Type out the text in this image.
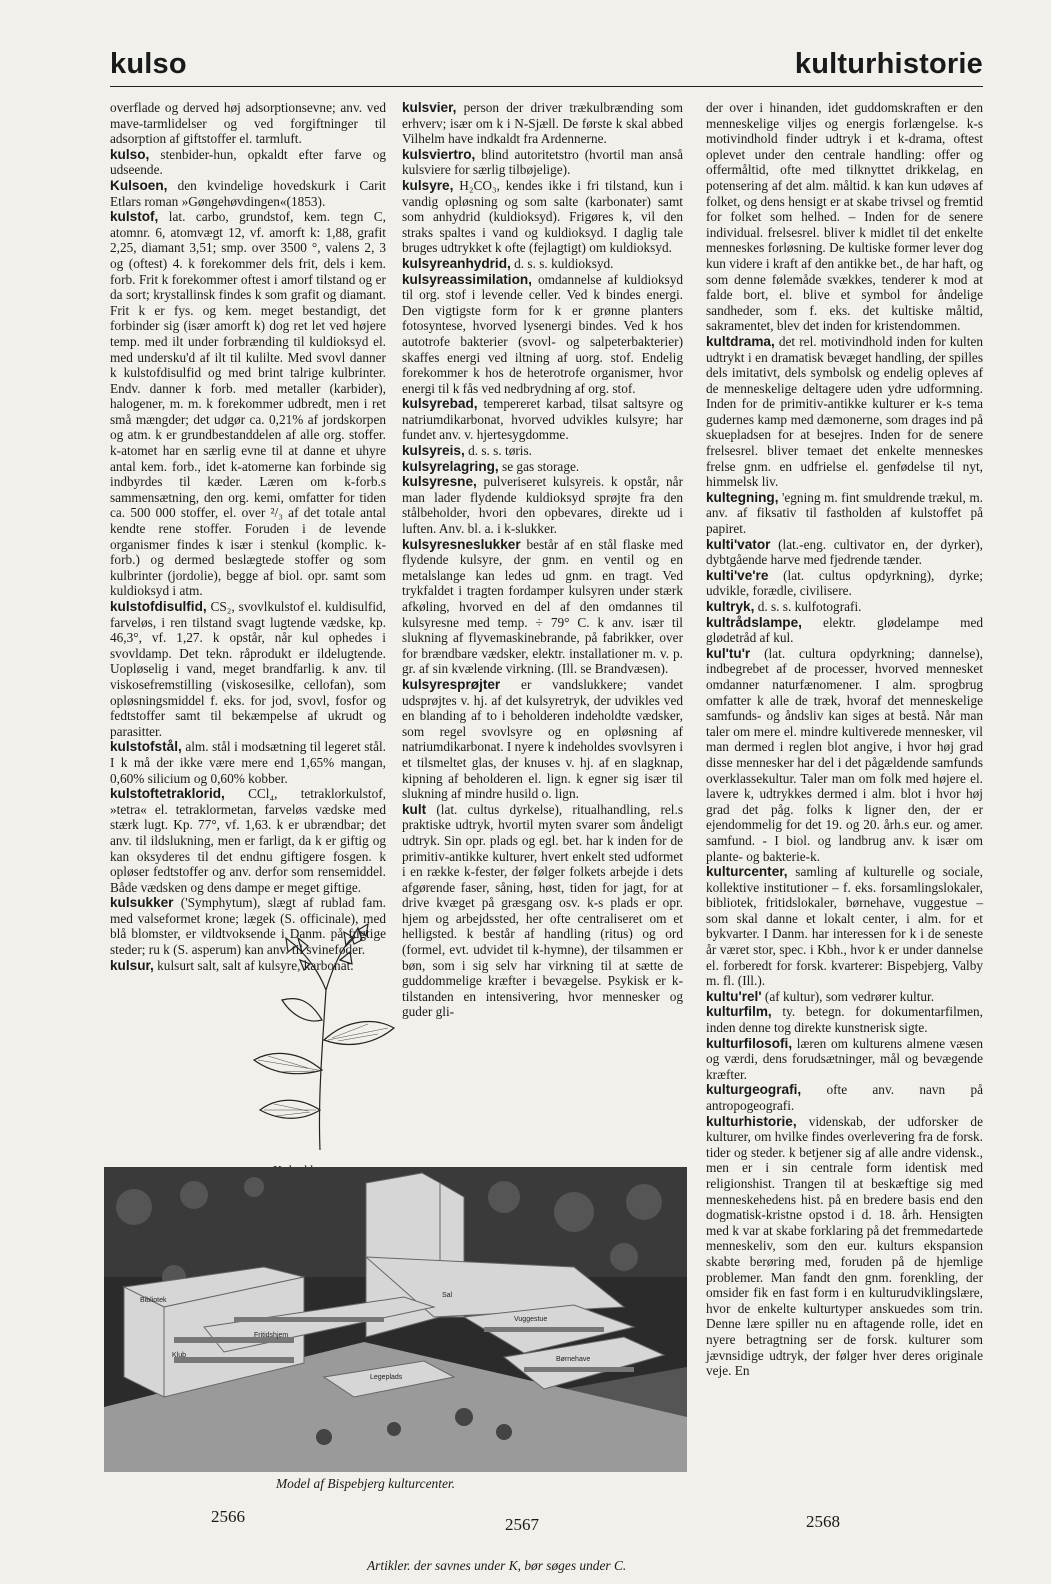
kulso	kulturhistorie

overflade og derved høj adsorptionsevne; anv. ved mave-tarmlidelser og ved forgiftninger til adsorption af giftstoffer el. tarmluft.

kulso, stenbider-hun, opkaldt efter farve og udseende.

Kulsoen, den kvindelige hovedskurk i Carit Etlars roman »Gøngehøvdingen«(1853).

kulstof, lat. carbo, grundstof, kem. tegn C, atomnr. 6, atomvægt 12, vf. amorft k: 1,88, grafit 2,25, diamant 3,51; smp. over 3500 °, valens 2, 3 og (oftest) 4. k forekommer dels frit, dels i kem. forb. Frit k forekommer oftest i amorf tilstand og er da sort; krystallinsk findes k som grafit og diamant. Frit k er fys. og kem. meget bestandigt, det forbinder sig (især amorft k) dog ret let ved højere temp. med ilt under forbrænding til kuldioksyd el. med undersku'd af ilt til kulilte. Med svovl danner k kulstofdisulfid og med brint talrige kulbrinter. Endv. danner k forb. med metaller (karbider), halogener, m. m. k forekommer udbredt, men i ret små mængder; det udgør ca. 0,21% af jordskorpen og atm. k er grundbestanddelen af alle org. stoffer. k-atomet har en særlig evne til at danne et uhyre antal kem. forb., idet k-atomerne kan forbinde sig indbyrdes til kæder. Læren om k-forb.s sammensætning, den org. kemi, omfatter for tiden ca. 500 000 stoffer, el. over ²/₃ af det totale antal kendte rene stoffer. Foruden i de levende organismer findes k især i stenkul (komplic. k-forb.) og dermed beslægtede stoffer og som kulbrinter (jordolie), begge af biol. opr. samt som kuldioksyd i atm.

kulstofdisulfid, CS₂, svovlkulstof el. kuldisulfid, farveløs, i ren tilstand svagt lugtende vædske, kp. 46,3°, vf. 1,27. k opstår, når kul ophedes i svovldamp. Det tekn. råprodukt er ildelugtende. Uopløselig i vand, meget brandfarlig. k anv. til viskosefremstilling (viskosesilke, cellofan), som opløsningsmiddel f. eks. for jod, svovl, fosfor og fedtstoffer samt til bekæmpelse af ukrudt og parasitter.

kulstofstål, alm. stål i modsætning til legeret stål. I k må der ikke være mere end 1,65% mangan, 0,60% silicium og 0,60% kobber.

kulstoftetraklorid, CCl₄, tetraklorkulstof, »tetra« el. tetraklormetan, farveløs vædske med stærk lugt. Kp. 77°, vf. 1,63. k er ubrændbar; det anv. til ildslukning, men er farligt, da k er giftig og kan oksyderes til det endnu giftigere fosgen. k opløser fedtstoffer og anv. derfor som rensemiddel. Både vædsken og dens dampe er meget giftige.

kulsukker ('Symphytum), slægt af rublad fam. med valseformet krone; lægek (S. officinale), med blå blomster, er vildtvoksende i Danm. på fugtige steder; ru k (S. asperum) kan anv. til svinefoder.

kulsur, kulsurt salt, salt af kulsyre, karbonat.

kulsvier, person der driver trækulbrænding som erhverv; især om k i N-Sjæll. De første k skal abbed Vilhelm have indkaldt fra Ardennerne.

kulsviertro, blind autoritetstro (hvortil man anså kulsviere for særlig tilbøjelige).

kulsyre, H₂CO₃, kendes ikke i fri tilstand, kun i vandig opløsning og som salte (karbonater) samt som anhydrid (kuldioksyd). Frigøres k, vil den straks spaltes i vand og kuldioksyd. I daglig tale bruges udtrykket k ofte (fejlagtigt) om kuldioksyd.

kulsyreanhydrid, d. s. s. kuldioksyd.

kulsyreassimilation, omdannelse af kuldioksyd til org. stof i levende celler. Ved k bindes energi. Den vigtigste form for k er grønne planters fotosyntese, hvorved lysenergi bindes. Ved k hos autotrofe bakterier (svovl- og salpeterbakterier) skaffes energi ved iltning af uorg. stof. Endelig forekommer k hos de heterotrofe organismer, hvor energi til k fås ved nedbrydning af org. stof.

kulsyrebad, tempereret karbad, tilsat saltsyre og natriumdikarbonat, hvorved udvikles kulsyre; har fundet anv. v. hjertesygdomme.

kulsyreis, d. s. s. tøris.

kulsyrelagring, se gas storage.

kulsyresne, pulveriseret kulsyreis. k opstår, når man lader flydende kuldioksyd sprøjte fra den stålbeholder, hvori den opbevares, direkte ud i luften. Anv. bl. a. i k-slukker.

kulsyresneslukker består af en stål flaske med flydende kulsyre, der gnm. en ventil og en metalslange kan ledes ud gnm. en tragt. Ved trykfaldet i tragten fordamper kulsyren under stærk afkøling, hvorved en del af den omdannes til kulsyresne med temp. ÷ 79° C. k anv. især til slukning af flyvemaskinebrande, på fabrikker, over for brændbare vædsker, elektr. installationer m. v. p. gr. af sin kvælende virkning. (Ill. se Brandvæsen).

kulsyresprøjter er vandslukkere; vandet udsprøjtes v. hj. af det kulsyretryk, der udvikles ved en blanding af to i beholderen indeholdte vædsker, som regel svovlsyre og en opløsning af natriumdikarbonat. I nyere k indeholdes svovlsyren i et tilsmeltet glas, der knuses v. hj. af en slagknap, kipning af beholderen el. lign. k egner sig især til slukning af mindre husild o. lign.

kult (lat. cultus dyrkelse), ritualhandling, rel.s praktiske udtryk, hvortil myten svarer som åndeligt udtryk. Sin opr. plads og egl. bet. har k inden for de primitiv-antikke kulturer, hvert enkelt sted udformet i en række k-fester, der følger folkets arbejde i dets afgørende faser, såning, høst, tiden for jagt, for at drive kvæget på græsgang osv. k-s plads er opr. hjem og arbejdssted, her ofte centraliseret om et helligsted. k består af handling (ritus) og ord (formel, evt. udvidet til k-hymne), der tilsammen er bøn, som i sig selv har virkning til at sætte de guddommelige kræfter i bevægelse. Psykisk er k-tilstanden en intensivering, hvor mennesker og guder gli-

der over i hinanden, idet guddomskraften er den menneskelige viljes og energis forlængelse. k-s motivindhold finder udtryk i et k-drama, oftest oplevet under den centrale handling: offer og offermåltid, ofte med tilknyttet drikkelag, en potensering af det alm. måltid. k kan kun udøves af folket, og dens hensigt er at skabe trivsel og fremtid for folket som helhed. – Inden for de senere individual. frelsesrel. bliver k midlet til det enkelte menneskes forløsning. De kultiske former lever dog kun videre i kraft af den antikke bet., de har haft, og som denne følemåde svækkes, tenderer k mod at falde bort, el. blive et symbol for åndelige sandheder, som f. eks. det kultiske måltid, sakramentet, blev det inden for kristendommen.

kultdrama, det rel. motivindhold inden for kulten udtrykt i en dramatisk bevæget handling, der spilles dels imitativt, dels symbolsk og endelig opleves af de menneskelige deltagere uden ydre udformning. Inden for de primitiv-antikke kulturer er k-s tema gudernes kamp med dæmonerne, som drages ind på skuepladsen for at besejres. Inden for de senere frelsesrel. bliver temaet det enkelte menneskes frelse gnm. en udfrielse el. genfødelse til nyt, himmelsk liv.

kultegning, 'egning m. fint smuldrende trækul, m. anv. af fiksativ til fastholden af kulstoffet på papiret.

kulti'vator (lat.-eng. cultivator en, der dyrker), dybtgående harve med fjedrende tænder.

kulti've're (lat. cultus opdyrkning), dyrke; udvikle, forædle, civilisere.

kultryk, d. s. s. kulfotografi.

kultrådslampe, elektr. glødelampe med glødetråd af kul.

kul'tu'r (lat. cultura opdyrkning; dannelse), indbegrebet af de processer, hvorved mennesket omdanner naturfænomener. I alm. sprogbrug omfatter k alle de træk, hvoraf det menneskelige samfunds- og åndsliv kan siges at bestå. Når man taler om mere el. mindre kultiverede mennesker, vil man dermed i reglen blot angive, i hvor høj grad disse mennesker har del i det pågældende samfunds overklassekultur. Taler man om folk med højere el. lavere k, udtrykkes dermed i alm. blot i hvor høj grad det påg. folks k ligner den, der er ejendommelig for det 19. og 20. årh.s eur. og amer. samfund. - I biol. og landbrug anv. k især om plante- og bakterie-k.

kulturcenter, samling af kulturelle og sociale, kollektive institutioner – f. eks. forsamlingslokaler, bibliotek, fritidslokaler, børnehave, vuggestue – som skal danne et lokalt center, i alm. for et bykvarter. I Danm. har interessen for k i de seneste år været stor, spec. i Kbh., hvor k er under dannelse el. forberedt for forsk. kvarterer: Bispebjerg, Valby m. fl. (Ill.).

kultu'rel' (af kultur), som vedrører kultur.

kulturfilm, ty. betegn. for dokumentarfilmen, inden denne tog direkte kunstnerisk sigte.

kulturfilosofi, læren om kulturens almene væsen og værdi, dens forudsætninger, mål og bevægende kræfter.

kulturgeografi, ofte anv. navn på antropogeografi.

kulturhistorie, videnskab, der udforsker de kulturer, om hvilke findes overlevering fra de forsk. tider og steder. k betjener sig af alle andre vidensk., men er i sin centrale form identisk med religionshist. Trangen til at beskæftige sig med menneskehedens hist. på en bredere basis end den dogmatisk-kristne opstod i d. 18. årh. Hensigten med k var at skabe forklaring på det fremmedartede menneskeliv, som den eur. kulturs ekspansion skabte berøring med, foruden på de hjemlige problemer. Man fandt den gnm. forenkling, der omsider fik en fast form i en kulturudviklingslære, hvor de enkelte kulturtyper anskuedes som trin. Denne lære spiller nu en aftagende rolle, idet en nyere betragtning ser de forsk. kulturer som jævnsidige udtryk, der følger hver deres originale veje. En

Bibliotek
Sal
Vuggestue
Børnehave
Fritidshjem
Klub
Legeplads
Model af Bispebjerg kulturcenter.
2566	2567	2568
Artikler. der savnes under K, bør søges under C.
